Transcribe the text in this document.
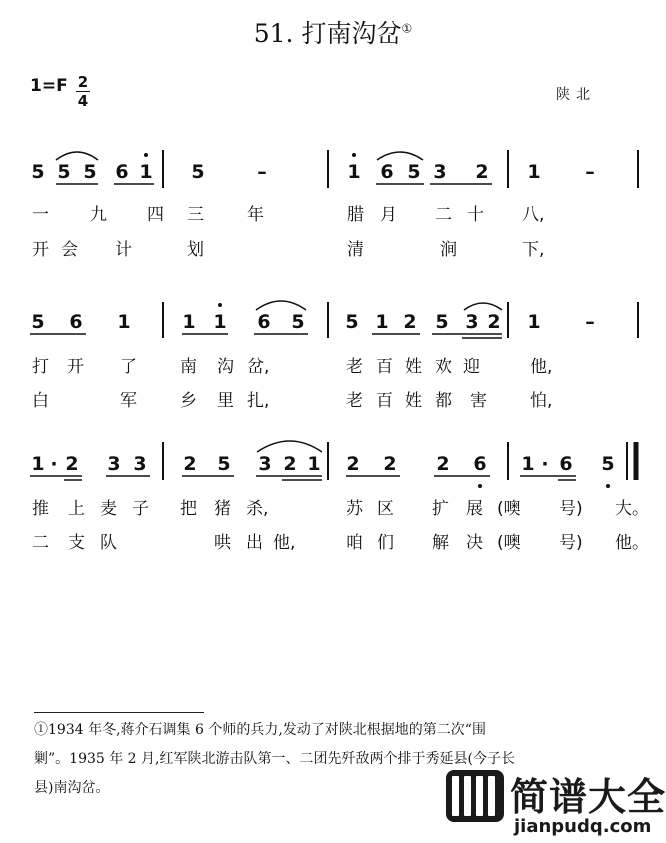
51. 打南沟岔①
1=F 2
4	陕北
5 5 5 6 1 5	–	1 6 5 3 2 1 –
5 6 1	1 1 6 5 5 1 2 5 3 2 1 –
1 · 2 3 3 2 5 3 2 1 2 2 2 6 1 · 6 5
一 九 四 三	年	腊 月 二 十 八,
开 会 计	划	清	涧	下,
打 开 了	南 沟 岔,	老 百 姓 欢 迎	他,
白	军	乡 里 扎,	老 百 姓 都 害	怕,
推 上 麦 子 把 猪 杀,	苏 区 扩 展 (噢 号) 大。
二 支 队	哄 出 他,	咱 们 解 决 (噢 号) 他。
①1934 年冬,蒋介石调集 6 个师的兵力,发动了对陕北根据地的第二次“围
剿”。1935 年 2 月,红军陕北游击队第一、二团先歼敌两个排于秀延县(今子长
县)南沟岔。	简谱大全
jianpudq.com
